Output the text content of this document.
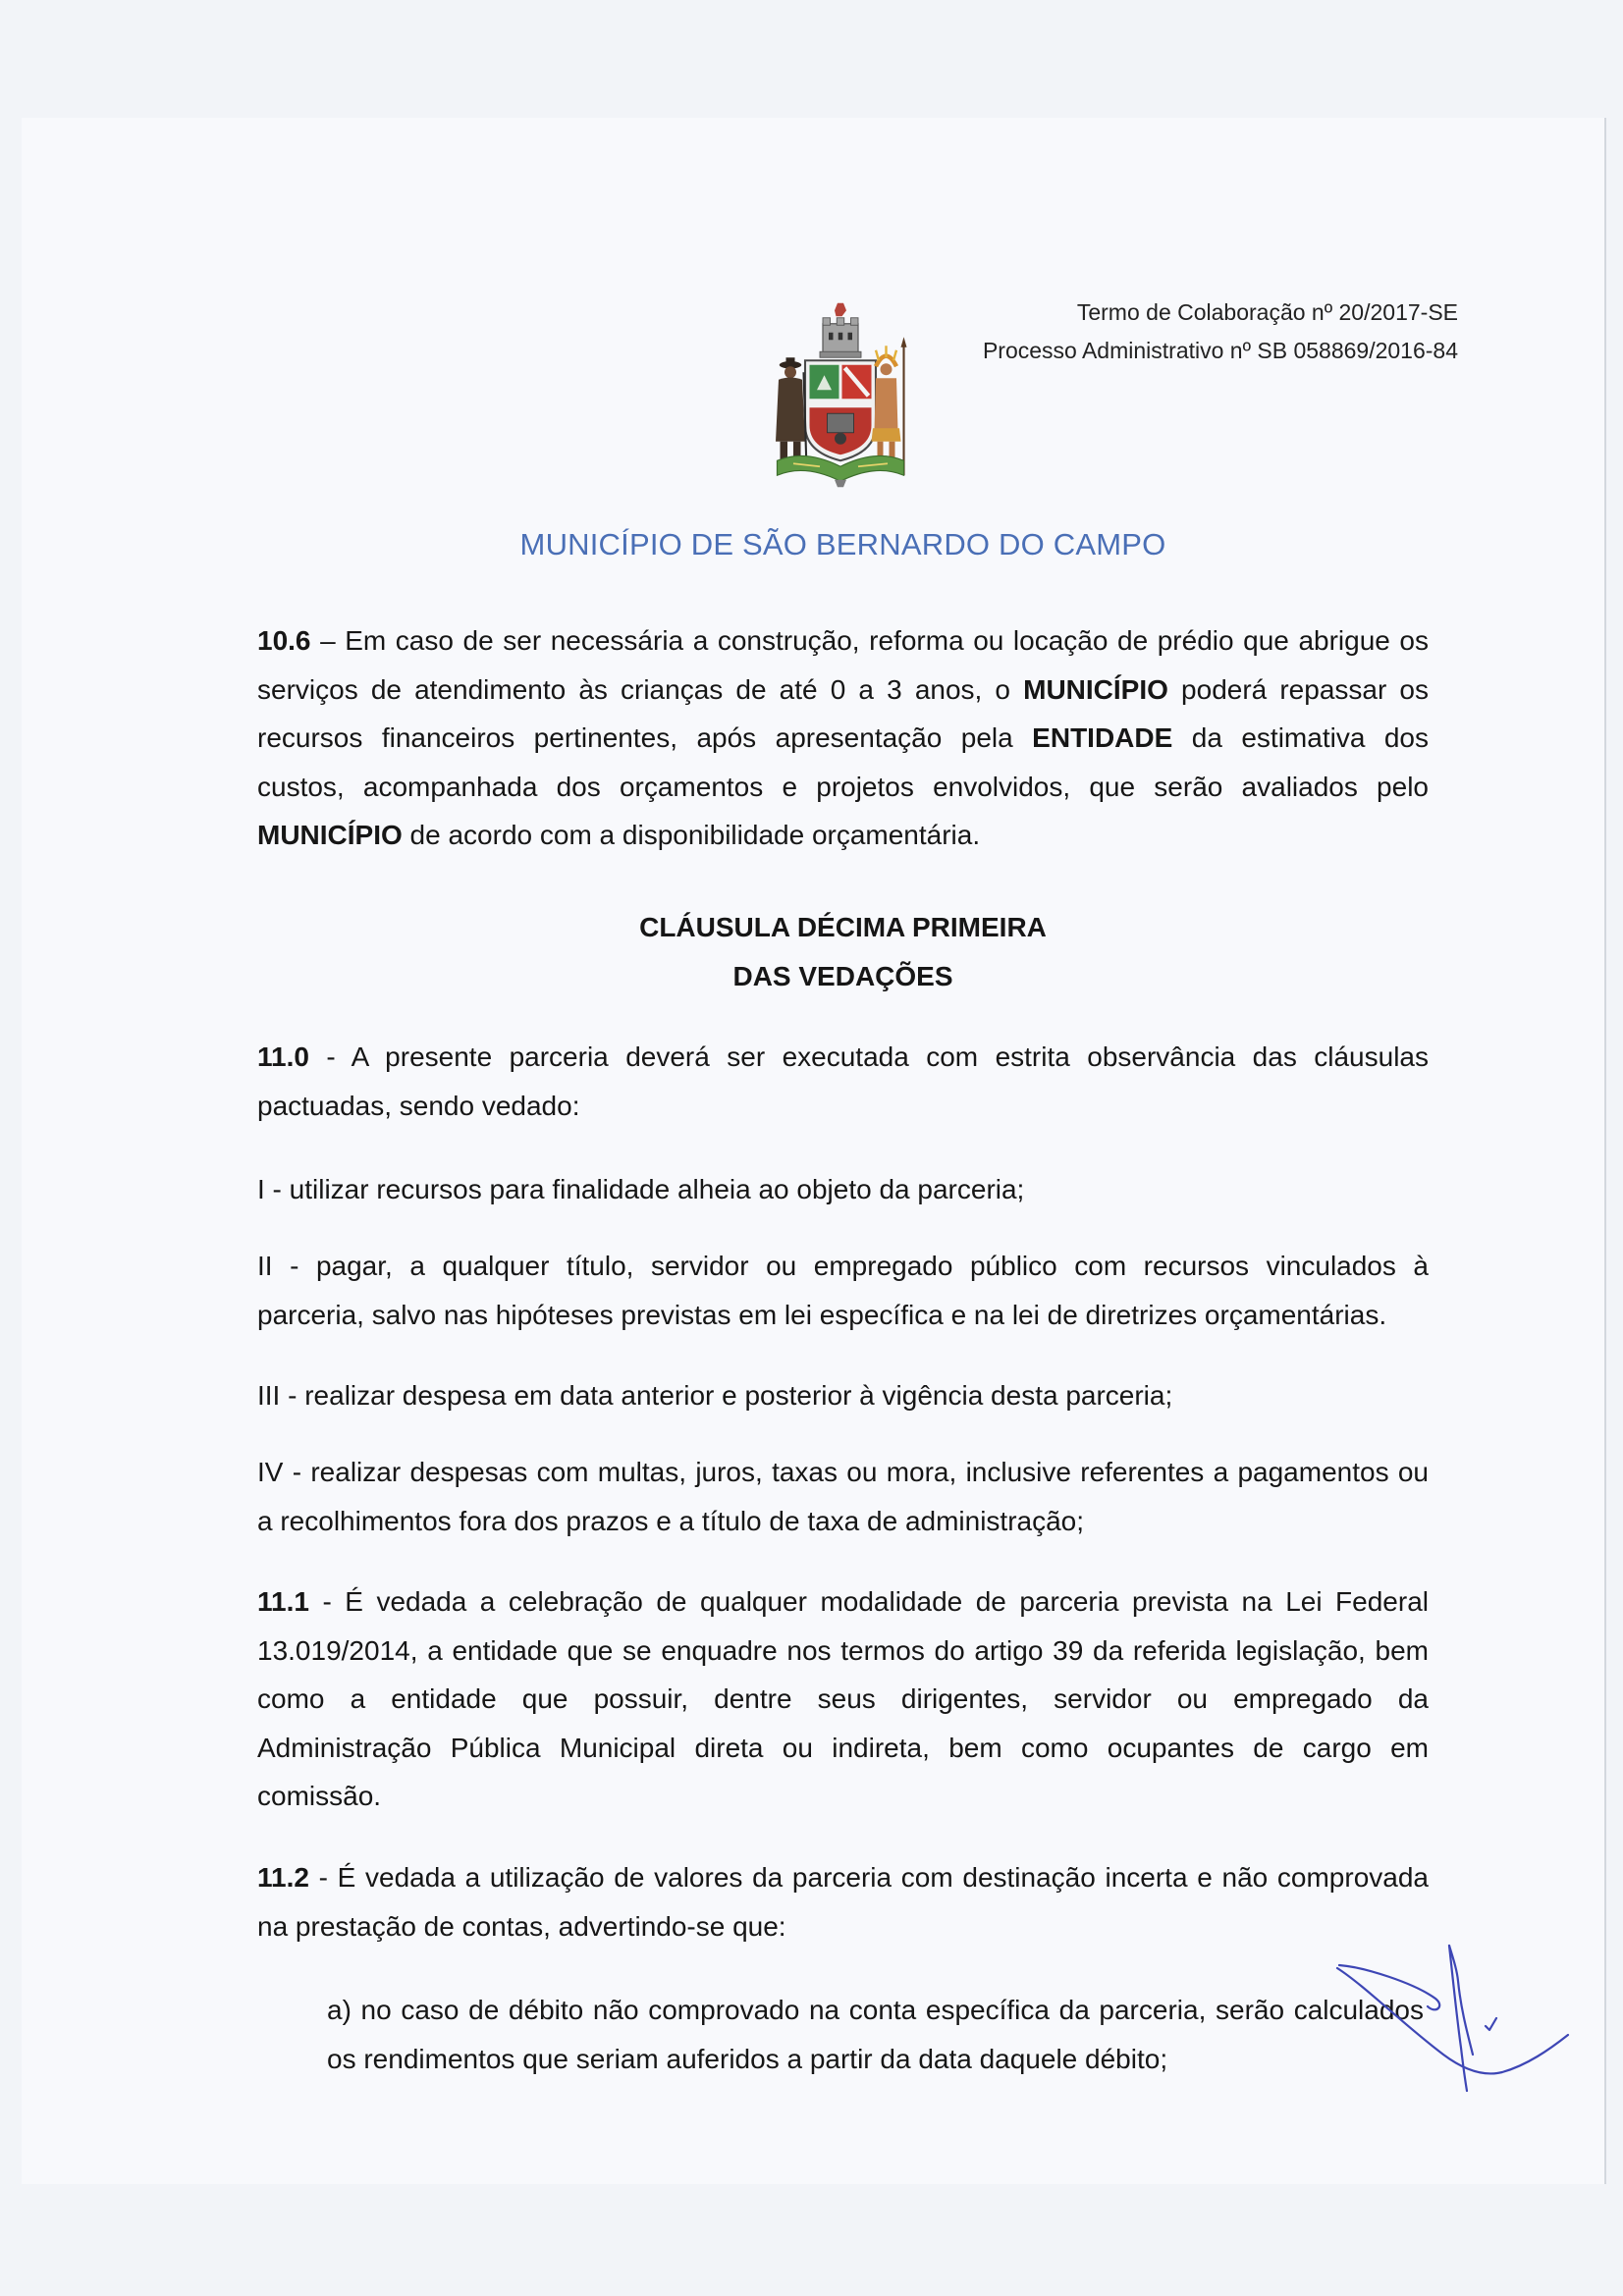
Termo de Colaboração nº 20/2017-SE
Processo Administrativo nº SB 058869/2016-84
MUNICÍPIO DE SÃO BERNARDO DO CAMPO
10.6 – Em caso de ser necessária a construção, reforma ou locação de prédio que abrigue os
serviços de atendimento às crianças de até 0 a 3 anos, o MUNICÍPIO poderá repassar os
recursos financeiros pertinentes, após apresentação pela ENTIDADE da estimativa dos
custos, acompanhada dos orçamentos e projetos envolvidos, que serão avaliados pelo
MUNICÍPIO de acordo com a disponibilidade orçamentária.
CLÁUSULA DÉCIMA PRIMEIRA
DAS VEDAÇÕES
11.0 - A presente parceria deverá ser executada com estrita observância das cláusulas
pactuadas, sendo vedado:
I - utilizar recursos para finalidade alheia ao objeto da parceria;
II - pagar, a qualquer título, servidor ou empregado público com recursos vinculados à
parceria, salvo nas hipóteses previstas em lei específica e na lei de diretrizes orçamentárias.
III - realizar despesa em data anterior e posterior à vigência desta parceria;
IV - realizar despesas com multas, juros, taxas ou mora, inclusive referentes a pagamentos ou
a recolhimentos fora dos prazos e a título de taxa de administração;
11.1 - É vedada a celebração de qualquer modalidade de parceria prevista na Lei Federal
13.019/2014, a entidade que se enquadre nos termos do artigo 39 da referida legislação, bem
como a entidade que possuir, dentre seus dirigentes, servidor ou empregado da
Administração Pública Municipal direta ou indireta, bem como ocupantes de cargo em
comissão.
11.2 - É vedada a utilização de valores da parceria com destinação incerta e não comprovada
na prestação de contas, advertindo-se que:
a) no caso de débito não comprovado na conta específica da parceria, serão calculados
os rendimentos que seriam auferidos a partir da data daquele débito;
